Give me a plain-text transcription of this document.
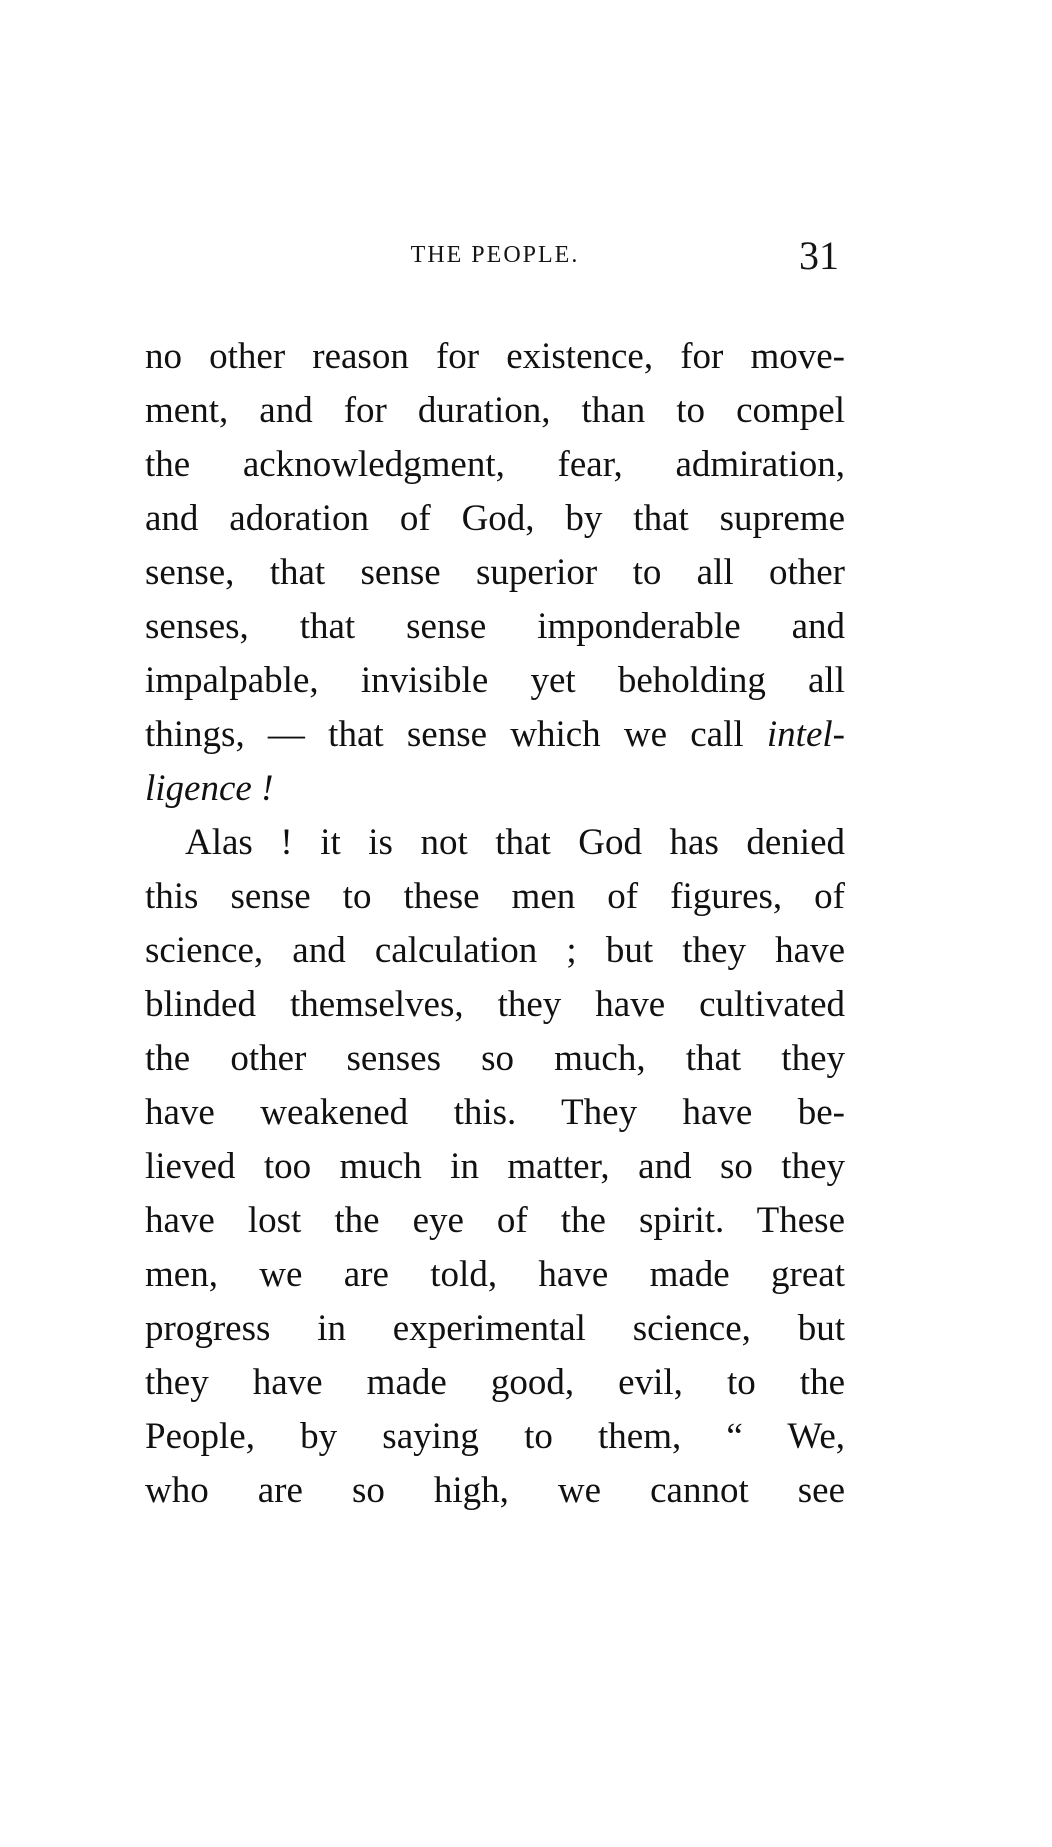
THE PEOPLE.	31
no other reason for existence, for move-
ment, and for duration, than to compel
the acknowledgment, fear, admiration,
and adoration of God, by that supreme
sense, that sense superior to all other
senses, that sense imponderable and
impalpable, invisible yet beholding all
things, — that sense which we call intel-
ligence !
Alas ! it is not that God has denied
this sense to these men of figures, of
science, and calculation ; but they have
blinded themselves, they have cultivated
the other senses so much, that they
have weakened this. They have be-
lieved too much in matter, and so they
have lost the eye of the spirit. These
men, we are told, have made great
progress in experimental science, but
they have made good, evil, to the
People, by saying to them, “ We,
who are so high, we cannot see
